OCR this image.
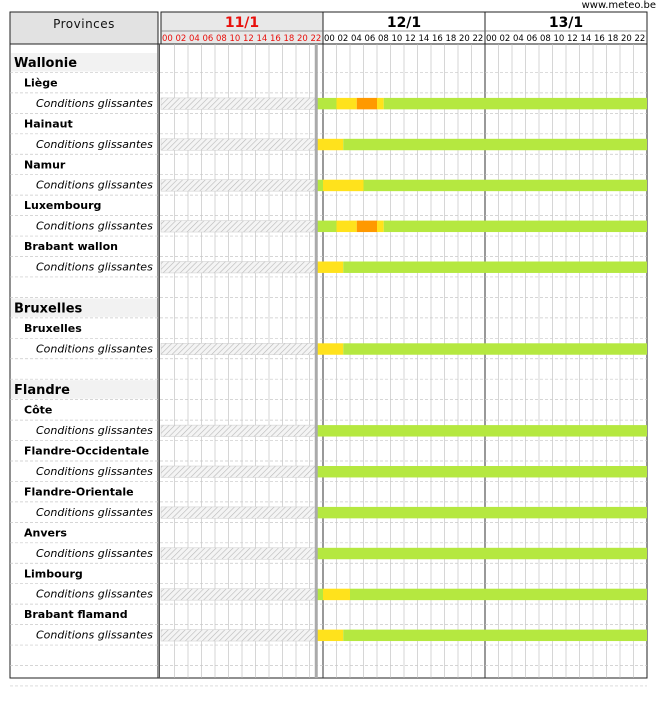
www.meteo.be
Provinces	11/1
00 02 04 06 08 10 12 14 16 18 20 22
12/1
00 02 04 06 08 10 12 14 16 18 20 22
13/1
00 02 04 06 08 10 12 14 16 18 20 22
Wallonie
Liège
Conditions glissantes
Hainaut
Conditions glissantes
Namur
Conditions glissantes
Luxembourg
Conditions glissantes
Brabant wallon
Conditions glissantes
Bruxelles
Bruxelles
Conditions glissantes
Flandre
Côte
Conditions glissantes
Flandre-Occidentale
Conditions glissantes
Flandre-Orientale
Conditions glissantes
Anvers
Conditions glissantes
Limbourg
Conditions glissantes
Brabant flamand
Conditions glissantes
